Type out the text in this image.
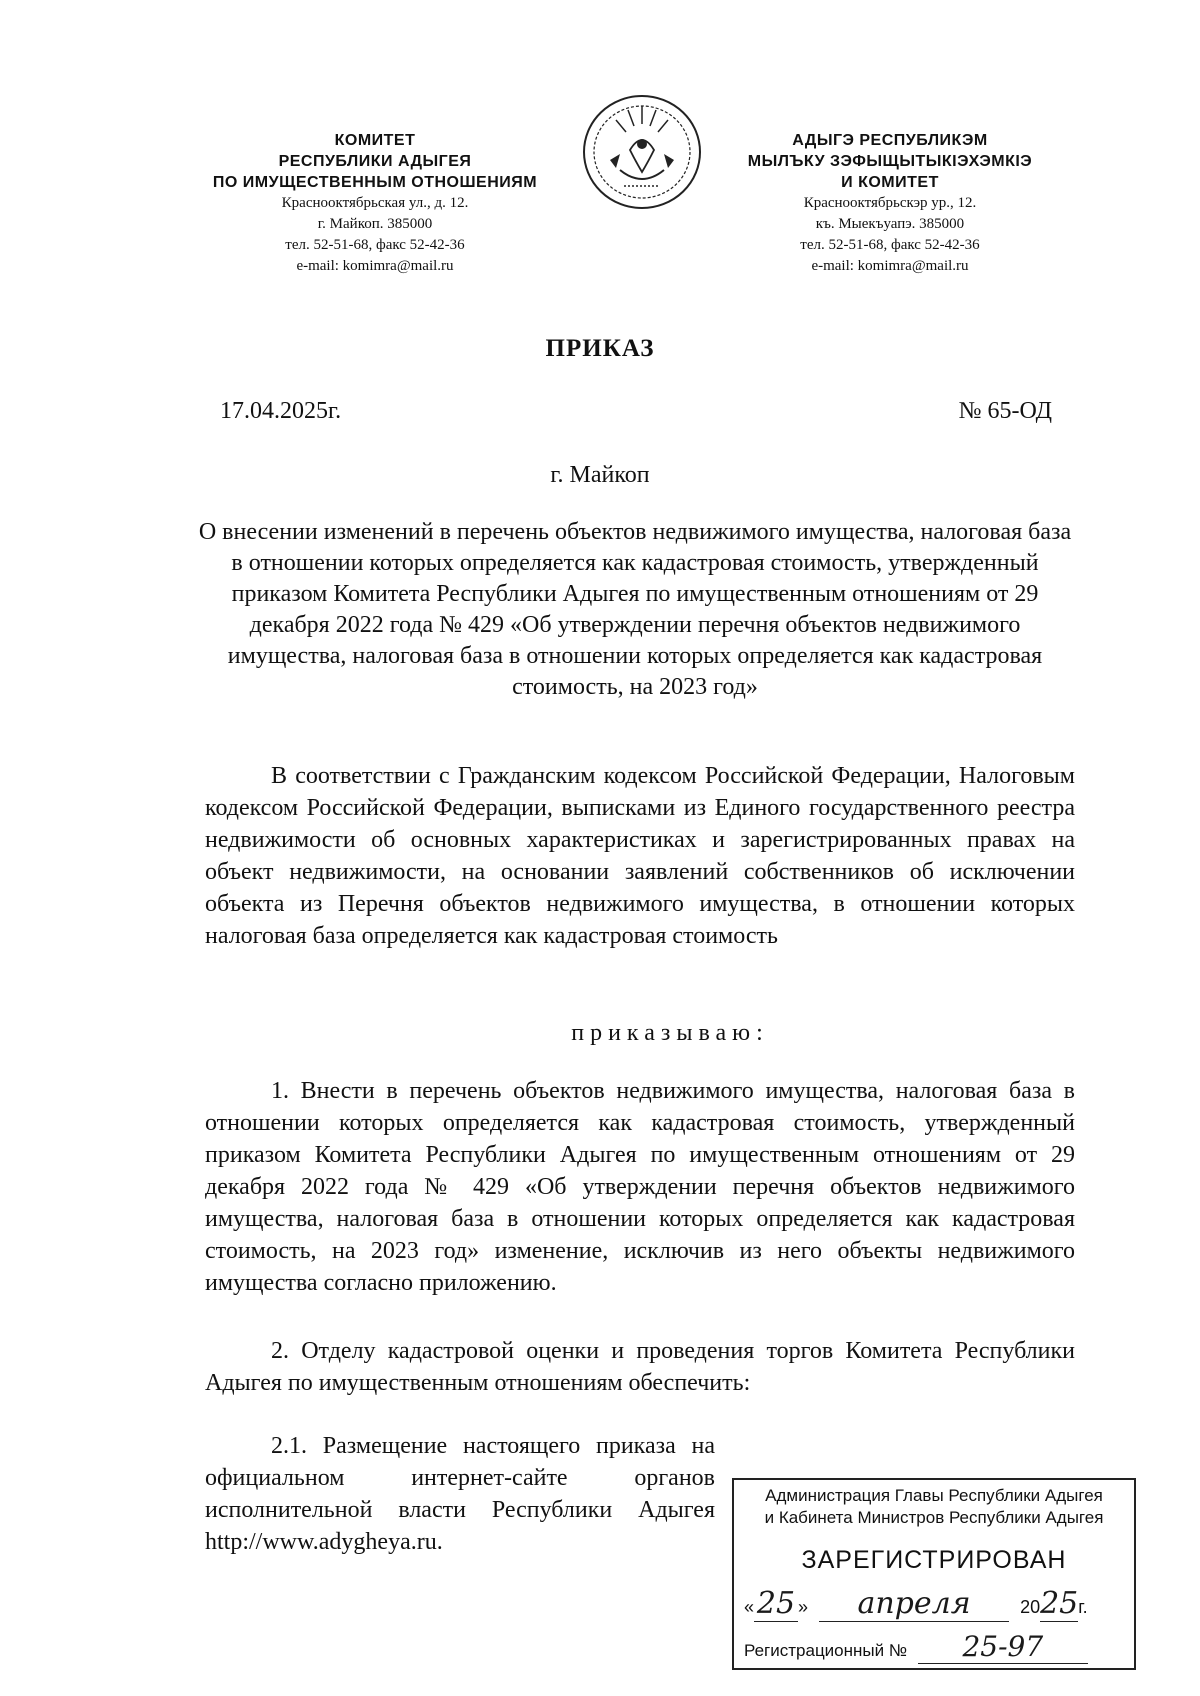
КОМИТЕТ
РЕСПУБЛИКИ АДЫГЕЯ
ПО ИМУЩЕСТВЕННЫМ ОТНОШЕНИЯМ
Краснооктябрьская ул., д. 12.
г. Майкоп. 385000
тел. 52-51-68, факс 52-42-36
e-mail: komimra@mail.ru
АДЫГЭ РЕСПУБЛИКЭМ
МЫЛЪКУ ЗЭФЫЩЫТЫКІЭХЭМКІЭ
И КОМИТЕТ
Краснооктябрьскэр ур., 12.
къ. Мыекъуапэ. 385000
тел. 52-51-68, факс 52-42-36
e-mail: komimra@mail.ru
ПРИКАЗ
17.04.2025г.	№ 65-ОД
г. Майкоп
О внесении изменений в перечень объектов недвижимого имущества, налоговая база в отношении которых определяется как кадастровая стоимость, утвержденный приказом Комитета Республики Адыгея по имущественным отношениям от 29 декабря 2022 года № 429 «Об утверждении перечня объектов недвижимого имущества, налоговая база в отношении которых определяется как кадастровая стоимость, на 2023 год»

В соответствии с Гражданским кодексом Российской Федерации, Налоговым кодексом Российской Федерации, выписками из Единого государственного реестра недвижимости об основных характеристиках и зарегистрированных правах на объект недвижимости, на основании заявлений собственников об исключении объекта из Перечня объектов недвижимого имущества, в отношении которых налоговая база определяется как кадастровая стоимость

приказываю:

1. Внести в перечень объектов недвижимого имущества, налоговая база в отношении которых определяется как кадастровая стоимость, утвержденный приказом Комитета Республики Адыгея по имущественным отношениям от 29 декабря 2022 года № 429 «Об утверждении перечня объектов недвижимого имущества, налоговая база в отношении которых определяется как кадастровая стоимость, на 2023 год» изменение, исключив из него объекты недвижимого имущества согласно приложению.

2. Отделу кадастровой оценки и проведения торгов Комитета Республики Адыгея по имущественным отношениям обеспечить:

2.1. Размещение настоящего приказа на официальном интернет-сайте органов исполнительной власти Республики Адыгея http://www.adygheya.ru.

Администрация Главы Республики Адыгея
и Кабинета Министров Республики Адыгея
ЗАРЕГИСТРИРОВАН
«25 » апреля	2025г.
Регистрационный № 25-97
